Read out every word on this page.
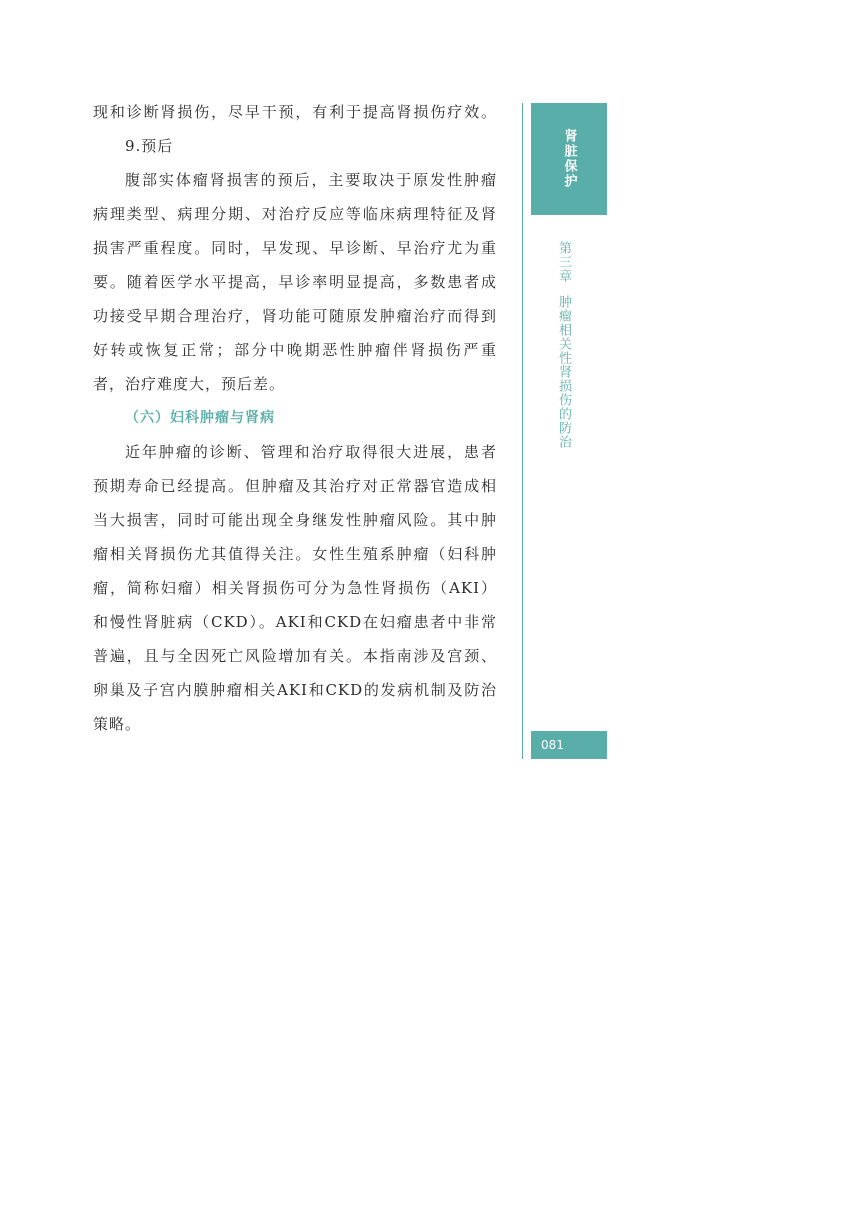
现和诊断肾损伤，尽早干预，有利于提高肾损伤疗效。
9.预后
腹部实体瘤肾损害的预后，主要取决于原发性肿瘤
病理类型、病理分期、对治疗反应等临床病理特征及肾
损害严重程度。同时，早发现、早诊断、早治疗尤为重
要。随着医学水平提高，早诊率明显提高，多数患者成
功接受早期合理治疗，肾功能可随原发肿瘤治疗而得到
好转或恢复正常；部分中晚期恶性肿瘤伴肾损伤严重
者，治疗难度大，预后差。
（六）妇科肿瘤与肾病
近年肿瘤的诊断、管理和治疗取得很大进展，患者
预期寿命已经提高。但肿瘤及其治疗对正常器官造成相
当大损害，同时可能出现全身继发性肿瘤风险。其中肿
瘤相关肾损伤尤其值得关注。女性生殖系肿瘤（妇科肿
瘤，简称妇瘤）相关肾损伤可分为急性肾损伤（AKI）
和慢性肾脏病（CKD）。AKI和CKD在妇瘤患者中非常
普遍，且与全因死亡风险增加有关。本指南涉及宫颈、
卵巢及子宫内膜肿瘤相关AKI和CKD的发病机制及防治
策略。
肾脏保护
第三章肿瘤相关性肾损伤的防治
081
